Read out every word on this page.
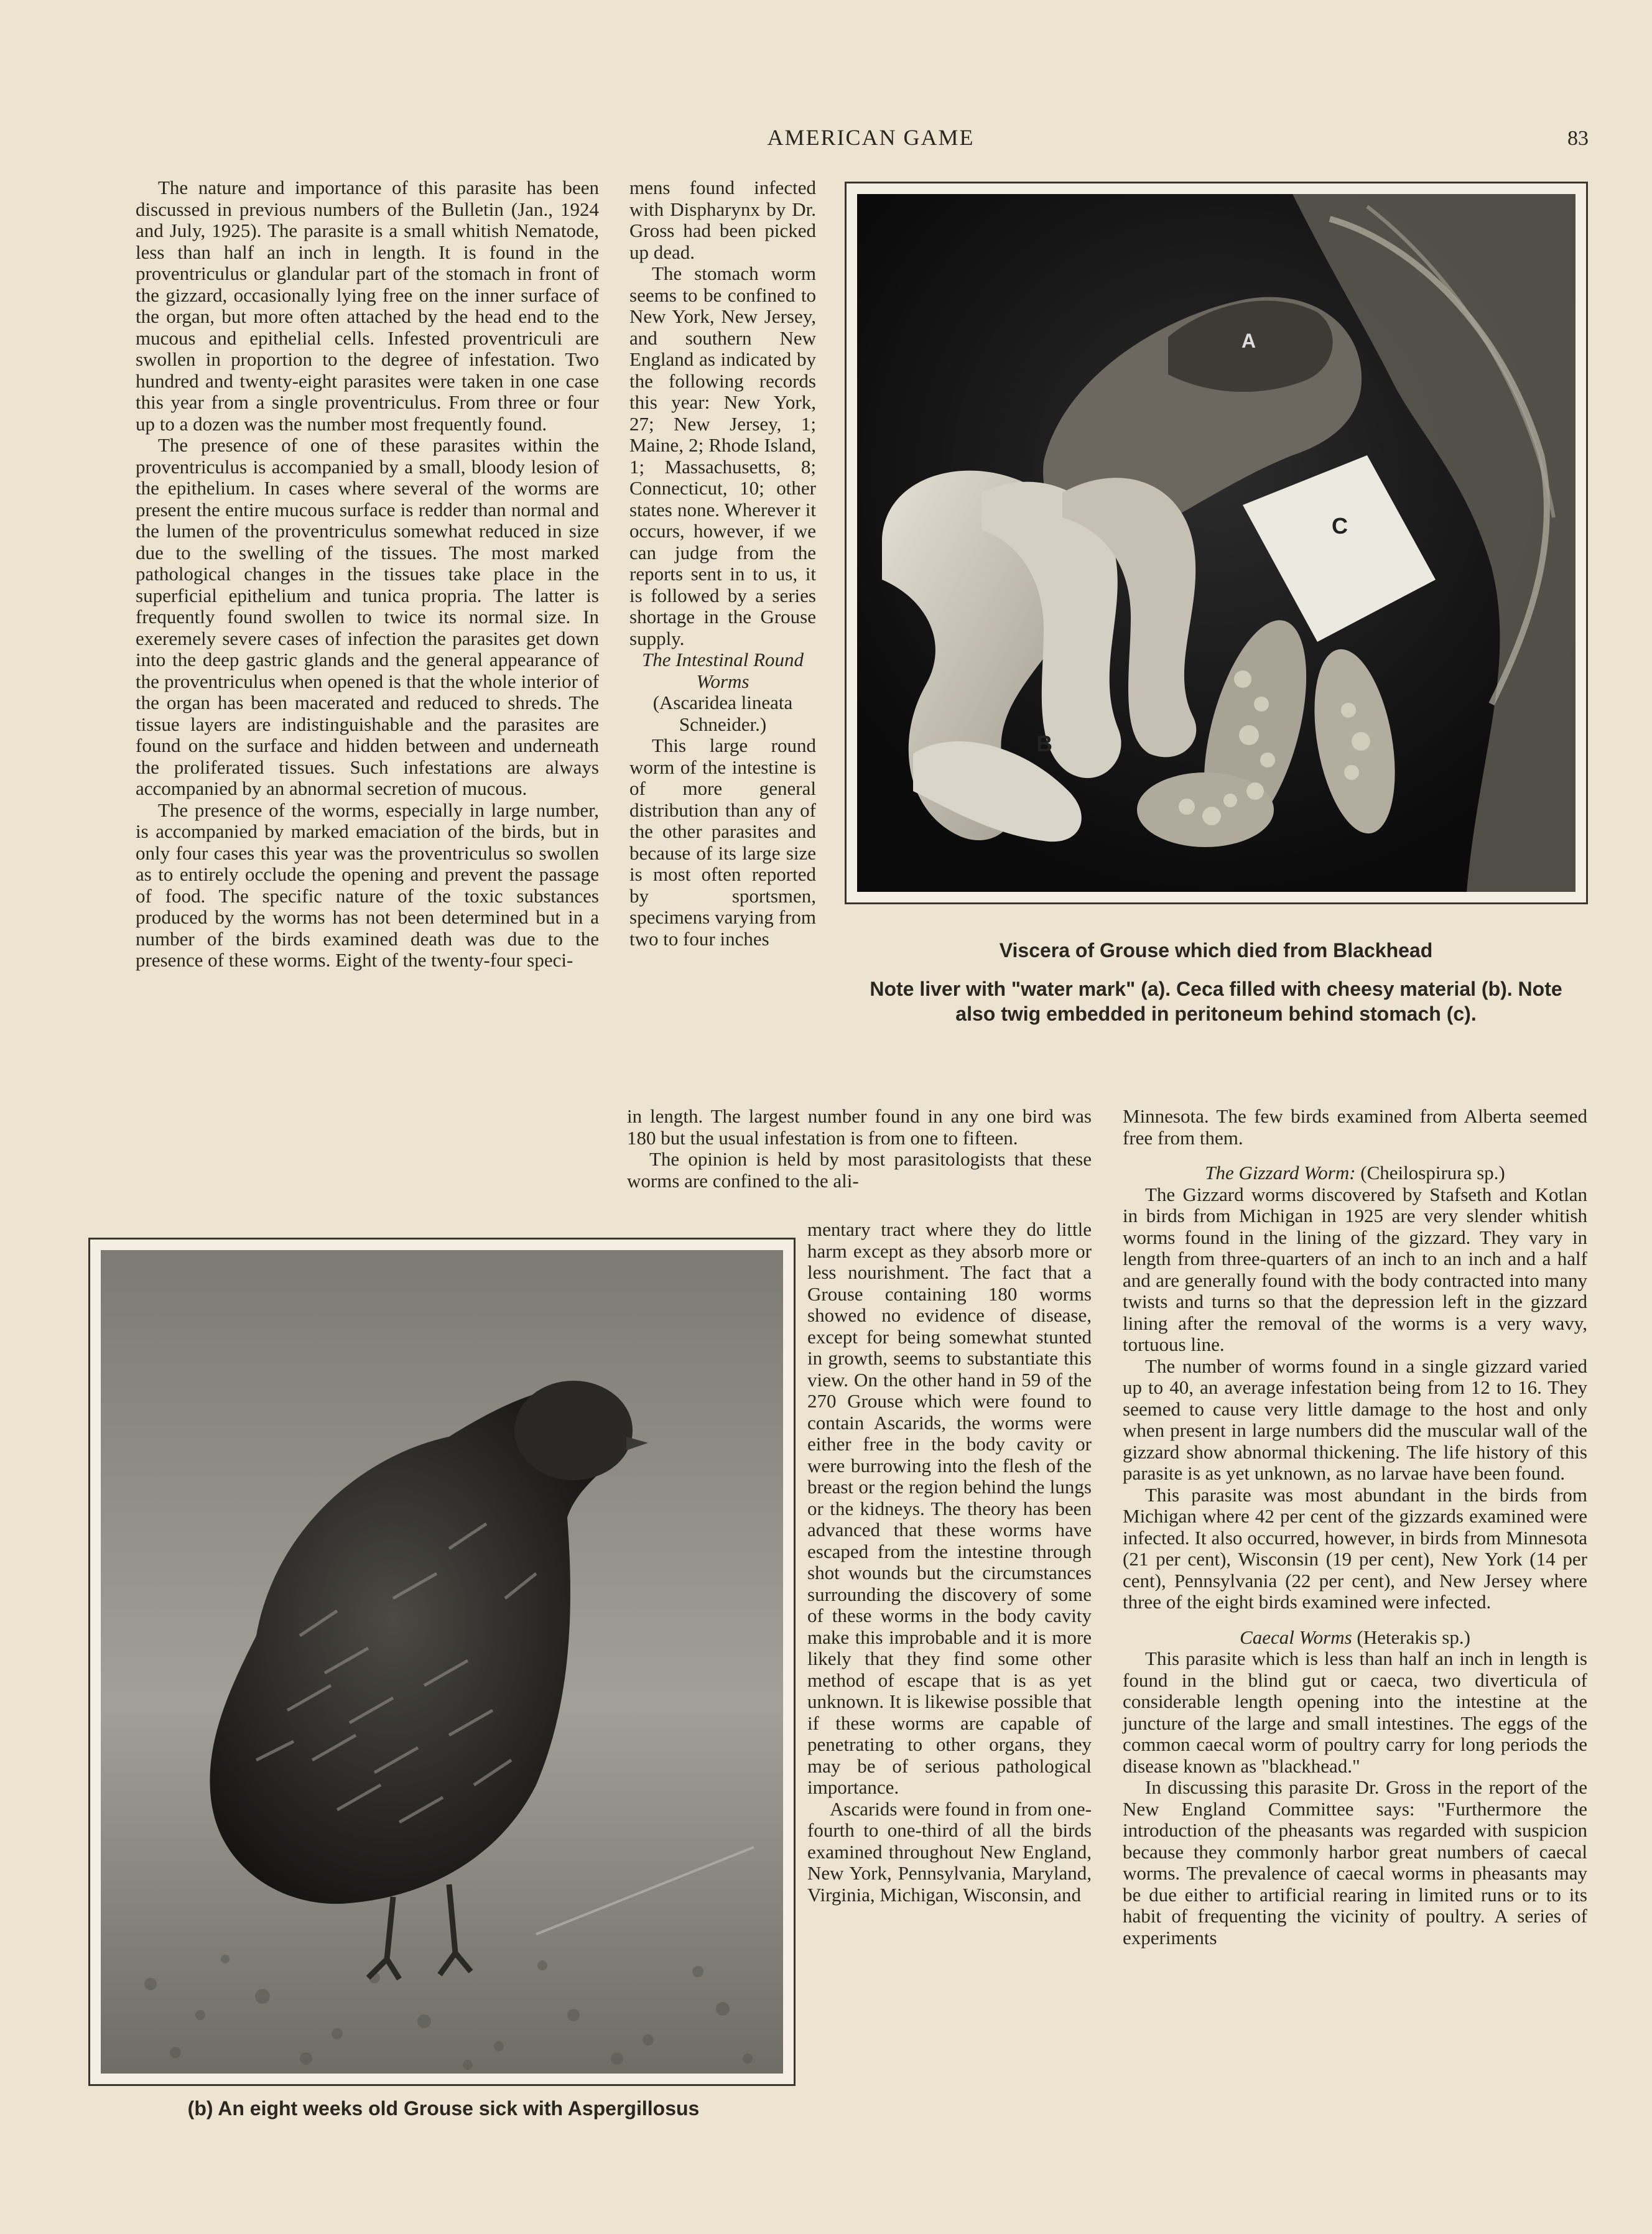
AMERICAN GAME	83

The nature and importance of this parasite has been discussed in previous numbers of the Bulletin (Jan., 1924 and July, 1925). The parasite is a small whitish Nematode, less than half an inch in length. It is found in the proventriculus or glandular part of the stomach in front of the gizzard, occasionally lying free on the inner surface of the organ, but more often attached by the head end to the mucous and epithelial cells. Infested proventriculi are swollen in proportion to the degree of infestation. Two hundred and twenty-eight parasites were taken in one case this year from a single proventriculus. From three or four up to a dozen was the number most frequently found.

The presence of one of these parasites within the proventriculus is accompanied by a small, bloody lesion of the epithelium. In cases where several of the worms are present the entire mucous surface is redder than normal and the lumen of the proventriculus somewhat reduced in size due to the swelling of the tissues. The most marked pathological changes in the tissues take place in the superficial epithelium and tunica propria. The latter is frequently found swollen to twice its normal size. In exeremely severe cases of infection the parasites get down into the deep gastric glands and the general appearance of the proventriculus when opened is that the whole interior of the organ has been macerated and reduced to shreds. The tissue layers are indistinguishable and the parasites are found on the surface and hidden between and underneath the proliferated tissues. Such infestations are always accompanied by an abnormal secretion of mucous.

The presence of the worms, especially in large number, is accompanied by marked emaciation of the birds, but in only four cases this year was the proventriculus so swollen as to entirely occlude the opening and prevent the passage of food. The specific nature of the toxic substances produced by the worms has not been determined but in a number of the birds examined death was due to the presence of these worms. Eight of the twenty-four speci-

mens found infected with Dispharynx by Dr. Gross had been picked up dead.

The stomach worm seems to be confined to New York, New Jersey, and southern New England as indicated by the following records this year: New York, 27; New Jersey, 1; Maine, 2; Rhode Island, 1; Massachusetts, 8; Connecticut, 10; other states none. Wherever it occurs, however, if we can judge from the reports sent in to us, it is followed by a series shortage in the Grouse supply.

The Intestinal Round Worms

(Ascaridea lineata Schneider.)

This large round worm of the intestine is of more general distribution than any of the other parasites and because of its large size is most often reported by sportsmen, specimens varying from two to four inches

in length. The largest number found in any one bird was 180 but the usual infestation is from one to fifteen.

The opinion is held by most parasitologists that these worms are confined to the ali-

mentary tract where they do little harm except as they absorb more or less nourishment. The fact that a Grouse containing 180 worms showed no evidence of disease, except for being somewhat stunted in growth, seems to substantiate this view. On the other hand in 59 of the 270 Grouse which were found to contain Ascarids, the worms were either free in the body cavity or were burrowing into the flesh of the breast or the region behind the lungs or the kidneys. The theory has been advanced that these worms have escaped from the intestine through shot wounds but the circumstances surrounding the discovery of some of these worms in the body cavity make this improbable and it is more likely that they find some other method of escape that is as yet unknown. It is likewise possible that if these worms are capable of penetrating to other organs, they may be of serious pathological importance.

Ascarids were found in from one-fourth to one-third of all the birds examined throughout New England, New York, Pennsylvania, Maryland, Virginia, Michigan, Wisconsin, and

Minnesota. The few birds examined from Alberta seemed free from them.

The Gizzard Worm: (Cheilospirura sp.)

The Gizzard worms discovered by Stafseth and Kotlan in birds from Michigan in 1925 are very slender whitish worms found in the lining of the gizzard. They vary in length from three-quarters of an inch to an inch and a half and are generally found with the body contracted into many twists and turns so that the depression left in the gizzard lining after the removal of the worms is a very wavy, tortuous line.

The number of worms found in a single gizzard varied up to 40, an average infestation being from 12 to 16. They seemed to cause very little damage to the host and only when present in large numbers did the muscular wall of the gizzard show abnormal thickening. The life history of this parasite is as yet unknown, as no larvae have been found.

This parasite was most abundant in the birds from Michigan where 42 per cent of the gizzards examined were infected. It also occurred, however, in birds from Minnesota (21 per cent), Wisconsin (19 per cent), New York (14 per cent), Pennsylvania (22 per cent), and New Jersey where three of the eight birds examined were infected.

Caecal Worms (Heterakis sp.)

This parasite which is less than half an inch in length is found in the blind gut or caeca, two diverticula of considerable length opening into the intestine at the juncture of the large and small intestines. The eggs of the common caecal worm of poultry carry for long periods the disease known as "blackhead."

In discussing this parasite Dr. Gross in the report of the New England Committee says: "Furthermore the introduction of the pheasants was regarded with suspicion because they commonly harbor great numbers of caecal worms. The prevalence of caecal worms in pheasants may be due either to artificial rearing in limited runs or to its habit of frequenting the vicinity of poultry. A series of experiments

A
B
C
Viscera of Grouse which died from Blackhead
Note liver with "water mark" (a). Ceca filled with cheesy material (b). Note also twig embedded in peritoneum behind stomach (c).
(b) An eight weeks old Grouse sick with Aspergillosus
